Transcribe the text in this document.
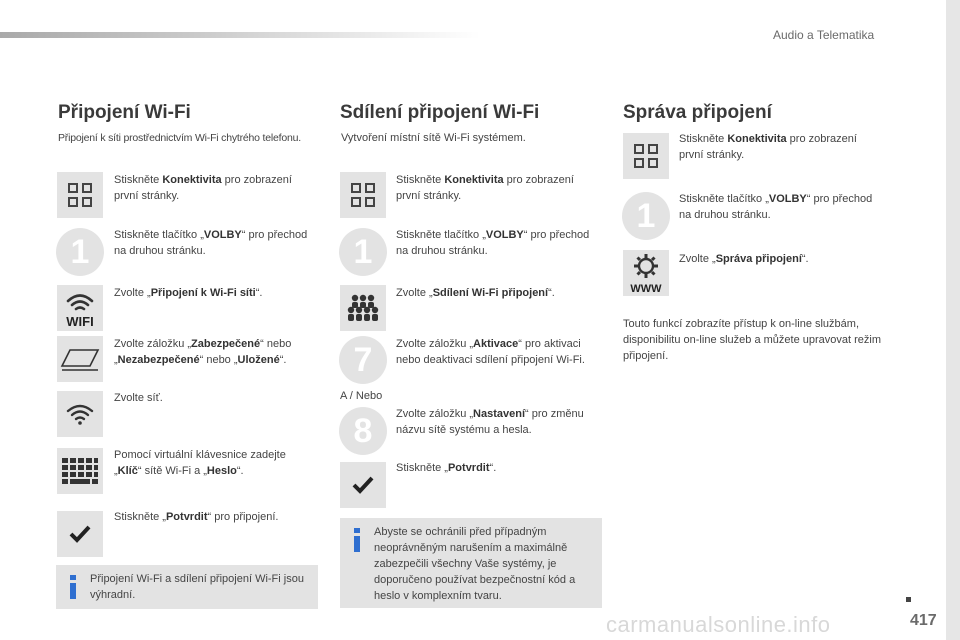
Audio a Telematika
Připojení Wi-Fi
Připojení k síti prostřednictvím Wi-Fi chytrého telefonu.
Stiskněte Konektivita pro zobrazení první stránky.
1 Stiskněte tlačítko „VOLBY“ pro přechod na druhou stránku.
WIFI
Zvolte „Připojení k Wi-Fi síti“.
Zvolte záložku „Zabezpečené“ nebo „Nezabezpečené“ nebo „Uložené“.
Zvolte síť.
Pomocí virtuální klávesnice zadejte „Klíč“ sítě Wi-Fi a „Heslo“.
Stiskněte „Potvrdit“ pro připojení.
Připojení Wi-Fi a sdílení připojení Wi-Fi jsou výhradní.
Sdílení připojení Wi-Fi
Vytvoření místní sítě Wi-Fi systémem.
Stiskněte Konektivita pro zobrazení první stránky.
1 Stiskněte tlačítko „VOLBY“ pro přechod na druhou stránku.
Zvolte „Sdílení Wi-Fi připojení“.
7 Zvolte záložku „Aktivace“ pro aktivaci nebo deaktivaci sdílení připojení Wi-Fi.
A / Nebo
8 Zvolte záložku „Nastavení“ pro změnu názvu sítě systému a hesla.
Stiskněte „Potvrdit“.
Abyste se ochránili před případným neoprávněným narušením a maximálně zabezpečili všechny Vaše systémy, je doporučeno používat bezpečnostní kód a heslo v komplexním tvaru.
Správa připojení
Stiskněte Konektivita pro zobrazení první stránky.
1 Stiskněte tlačítko „VOLBY“ pro přechod na druhou stránku.
WWW
Zvolte „Správa připojení“.
Touto funkcí zobrazíte přístup k on-line službám, disponibilitu on-line služeb a můžete upravovat režim připojení.
carmanualsonline.info	417
